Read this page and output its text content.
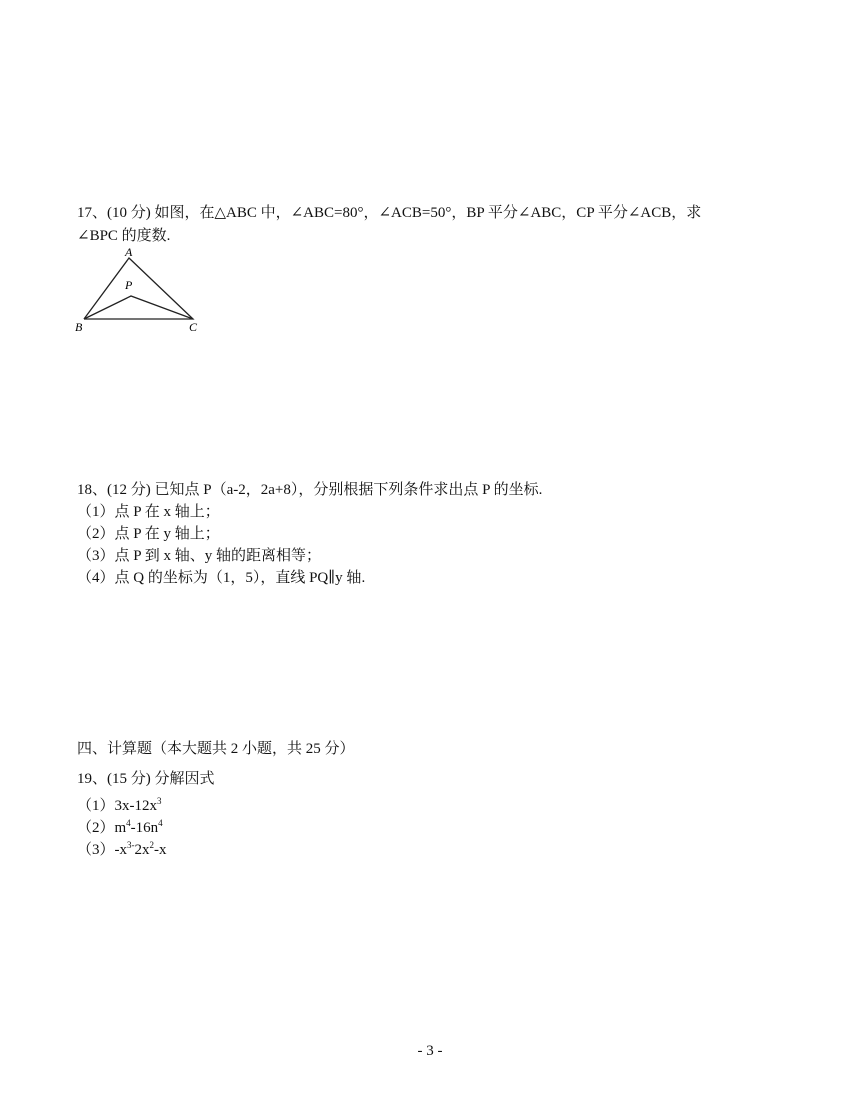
17、(10 分) 如图，在△ABC 中，∠ABC=80°，∠ACB=50°，BP 平分∠ABC，CP 平分∠ACB，求
∠BPC 的度数.
A
P
B	C
18、(12 分) 已知点 P（a-2，2a+8），分别根据下列条件求出点 P 的坐标.
（1）点 P 在 x 轴上；
（2）点 P 在 y 轴上；
（3）点 P 到 x 轴、y 轴的距离相等；
（4）点 Q 的坐标为（1，5），直线 PQ∥y 轴.
四、计算题（本大题共 2 小题，共 25 分）
19、(15 分) 分解因式
$(1)3x-12x^3$
$(2)m^4-16n^4$
$(3)-x^{3-}2x^2-x$
- 3 -
